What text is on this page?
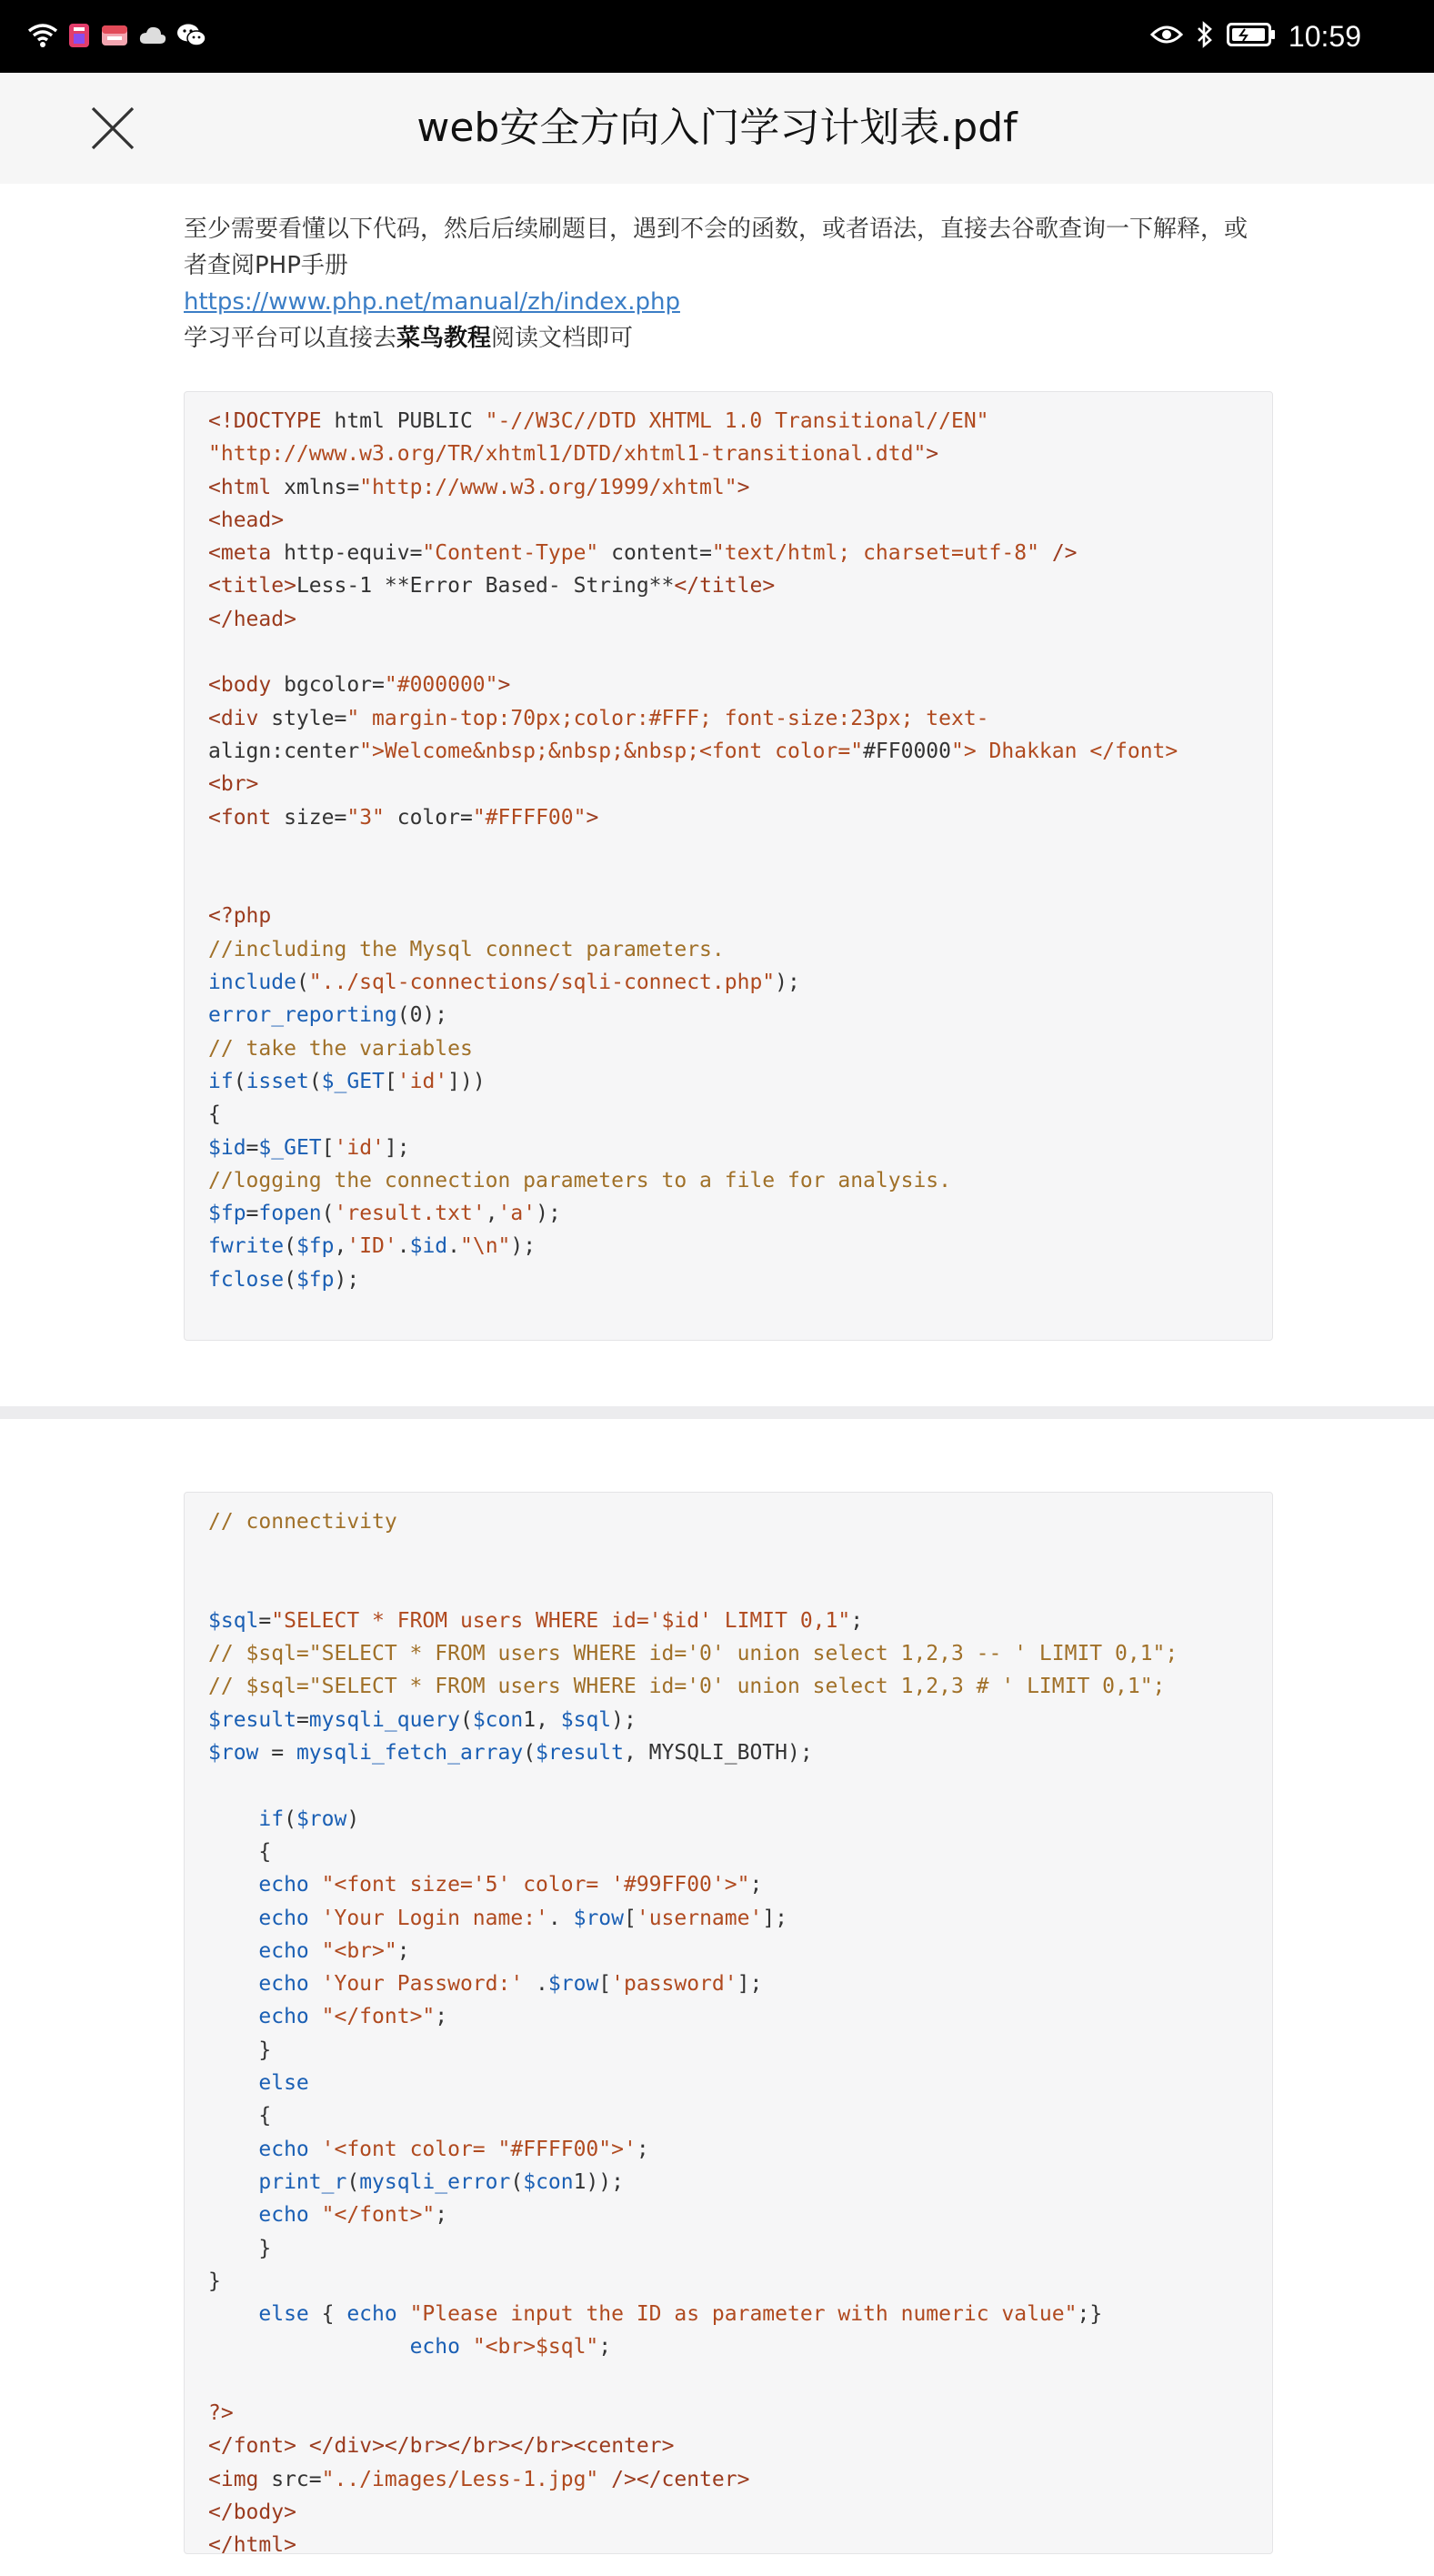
10:59
web安全方向入门学习计划表.pdf

至少需要看懂以下代码，然后后续刷题目，遇到不会的函数，或者语法，直接去谷歌查询一下解释，或

者查阅PHP手册

https://www.php.net/manual/zh/index.php

学习平台可以直接去菜鸟教程阅读文档即可

<!DOCTYPE html PUBLIC "-//W3C//DTD XHTML 1.0 Transitional//EN"
"http://www.w3.org/TR/xhtml1/DTD/xhtml1-transitional.dtd">
<html xmlns="http://www.w3.org/1999/xhtml">
<head>
<meta http-equiv="Content-Type" content="text/html; charset=utf-8" />
<title>Less-1 **Error Based- String**</title>
</head>

<body bgcolor="#000000">
<div style=" margin-top:70px;color:#FFF; font-size:23px; text-
align:center">Welcome&nbsp;&nbsp;&nbsp;<font color="#FF0000"> Dhakkan </font>
<br>
<font size="3" color="#FFFF00">

<?php
//including the Mysql connect parameters.
include("../sql-connections/sqli-connect.php");
error_reporting(0);
// take the variables
if(isset($_GET['id']))
{
$id=$_GET['id'];
//logging the connection parameters to a file for analysis.
$fp=fopen('result.txt','a');
fwrite($fp,'ID'.$id."\n");
fclose($fp);
// connectivity

$sql="SELECT * FROM users WHERE id='$id' LIMIT 0,1";
// $sql="SELECT * FROM users WHERE id='0' union select 1,2,3 -- ' LIMIT 0,1";
// $sql="SELECT * FROM users WHERE id='0' union select 1,2,3 # ' LIMIT 0,1";
$result=mysqli_query($con1, $sql);
$row = mysqli_fetch_array($result, MYSQLI_BOTH);

if($row)
{
echo "<font size='5' color= '#99FF00'>";
echo 'Your Login name:'. $row['username'];
echo "<br>";
echo 'Your Password:' .$row['password'];
echo "</font>";
}
else
{
echo '<font color= "#FFFF00">';
print_r(mysqli_error($con1));
echo "</font>";
}
}
else { echo "Please input the ID as parameter with numeric value";}
echo "<br>$sql";

?>
</font> </div></br></br></br><center>
<img src="../images/Less-1.jpg" /></center>
</body>
</html>
